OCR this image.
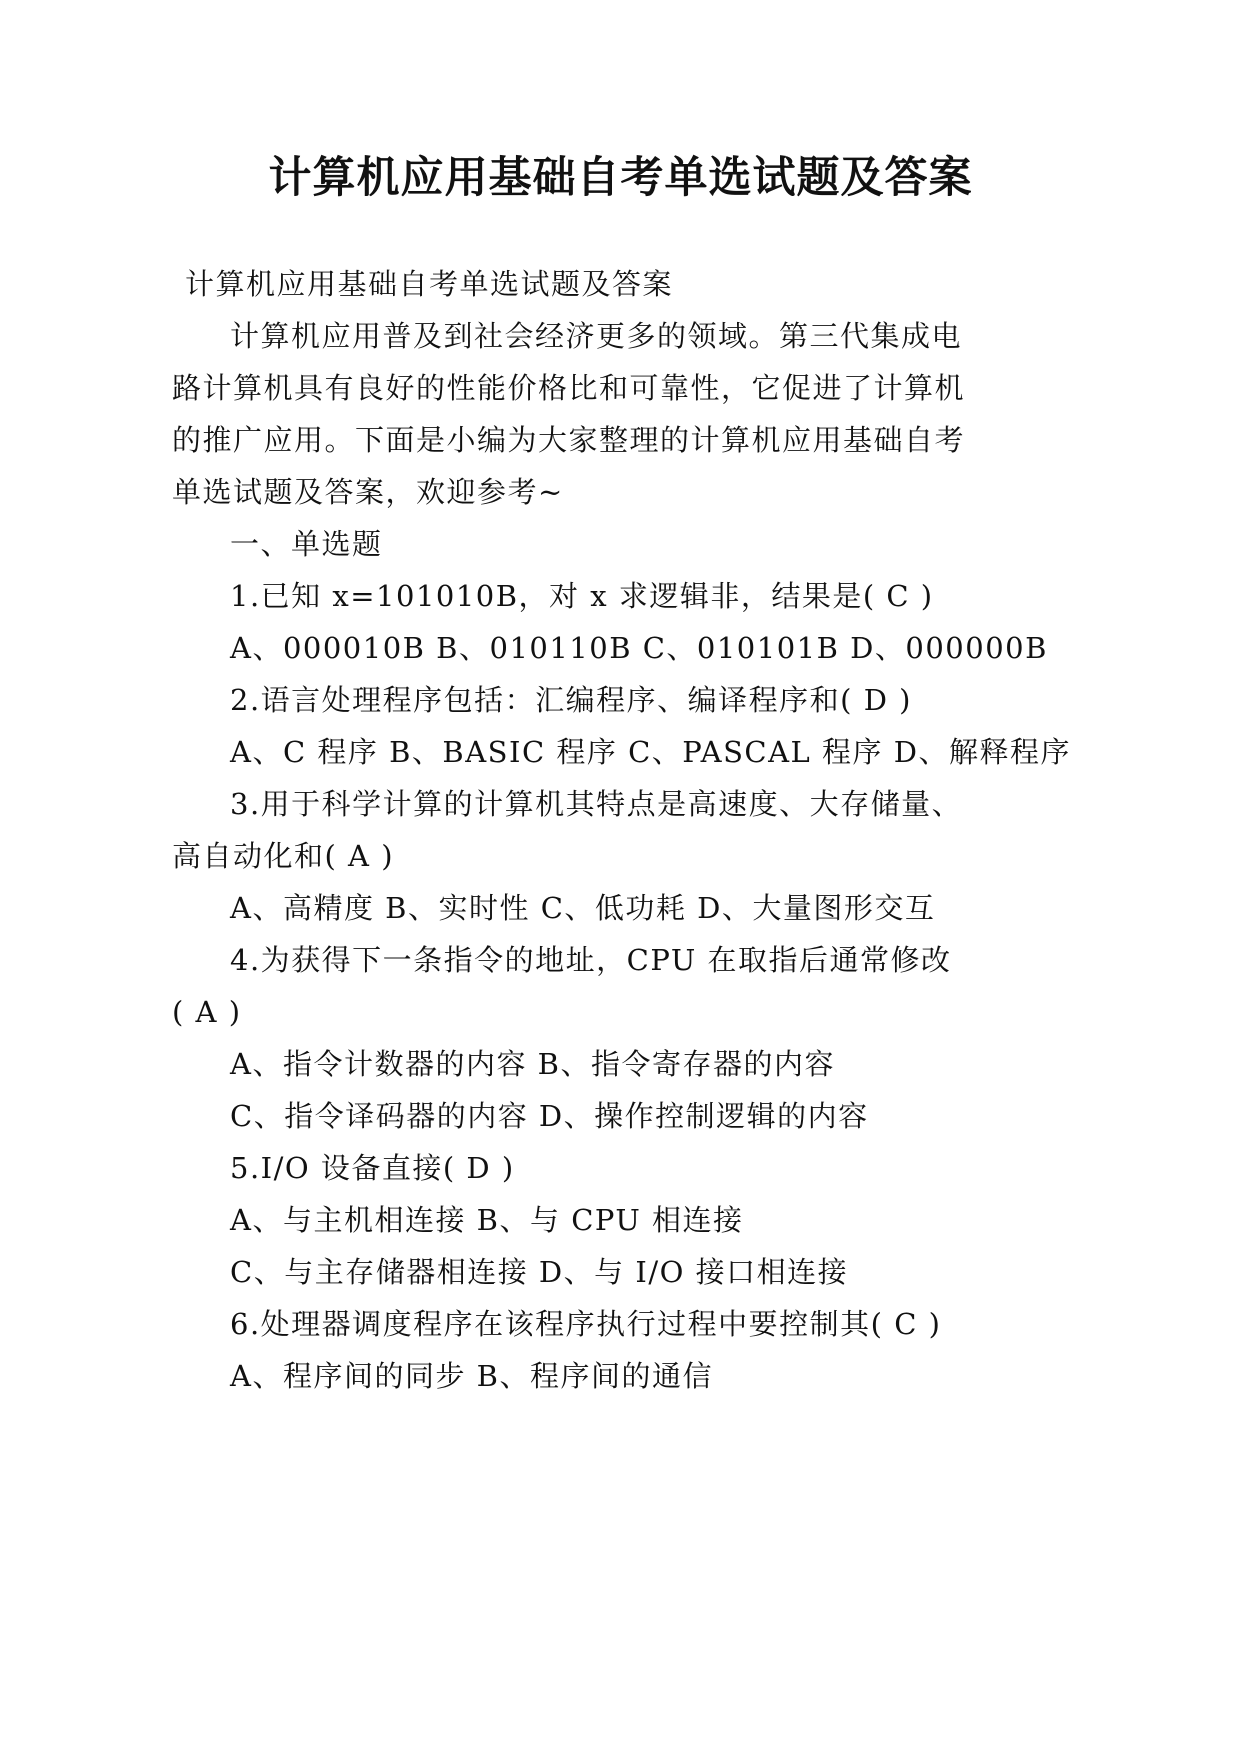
计算机应用基础自考单选试题及答案
计算机应用基础自考单选试题及答案
计算机应用普及到社会经济更多的领域。第三代集成电
路计算机具有良好的性能价格比和可靠性，它促进了计算机
的推广应用。下面是小编为大家整理的计算机应用基础自考
单选试题及答案，欢迎参考~
一、单选题
1.已知 x=101010B，对 x 求逻辑非，结果是( C )
A、000010B B、010110B C、010101B D、000000B
2.语言处理程序包括：汇编程序、编译程序和( D )
A、C 程序 B、BASIC 程序 C、PASCAL 程序 D、解释程序
3.用于科学计算的计算机其特点是高速度、大存储量、
高自动化和( A )
A、高精度 B、实时性 C、低功耗 D、大量图形交互
4.为获得下一条指令的地址，CPU 在取指后通常修改
( A )
A、指令计数器的内容 B、指令寄存器的内容
C、指令译码器的内容 D、操作控制逻辑的内容
5.I/O 设备直接( D )
A、与主机相连接 B、与 CPU 相连接
C、与主存储器相连接 D、与 I/O 接口相连接
6.处理器调度程序在该程序执行过程中要控制其( C )
A、程序间的同步 B、程序间的通信
